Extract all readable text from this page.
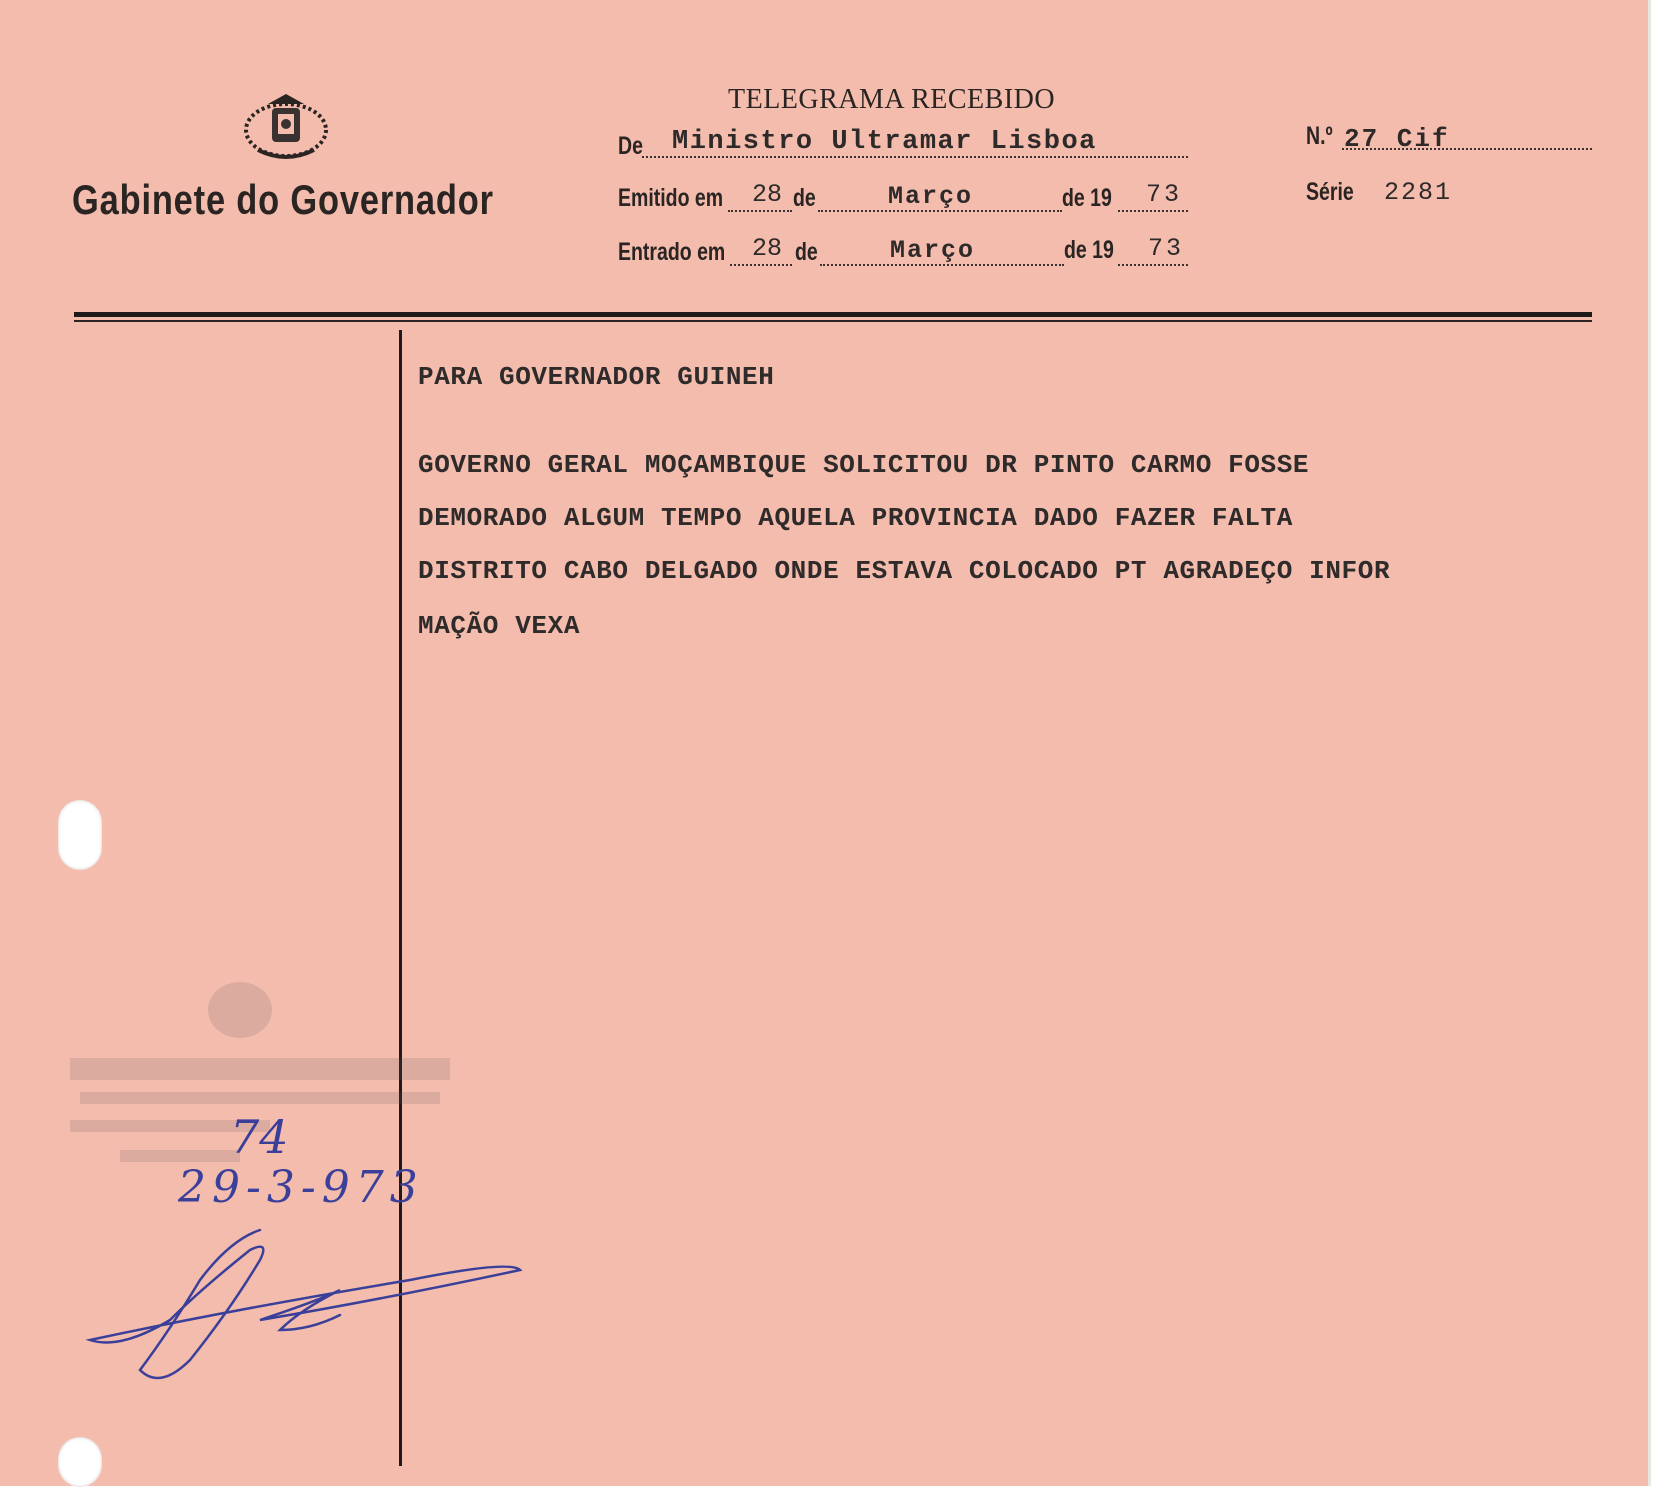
Gabinete do Governador
TELEGRAMA RECEBIDO
De Ministro Ultramar Lisboa	N.º 27 Cif
Emitido em 28 de	Março	de 19 73	Série 2281
Entrado em 28 de	Março	de 19 73
PARA GOVERNADOR GUINEH
GOVERNO GERAL MOÇAMBIQUE SOLICITOU DR PINTO CARMO FOSSE
DEMORADO ALGUM TEMPO AQUELA PROVINCIA DADO FAZER FALTA
DISTRITO CABO DELGADO ONDE ESTAVA COLOCADO PT AGRADEÇO INFOR
MAÇÃO VEXA
74
29-3-973
